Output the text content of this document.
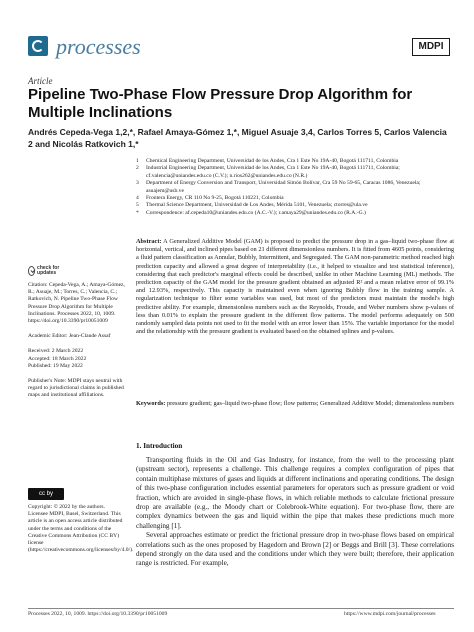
processes	MDPI
Article
Pipeline Two-Phase Flow Pressure Drop Algorithm for Multiple Inclinations
Andrés Cepeda-Vega 1,2,*, Rafael Amaya-Gómez 1,*, Miguel Asuaje 3,4, Carlos Torres 5, Carlos Valencia 2 and Nicolás Ratkovich 1,*
1	Chemical Engineering Department, Universidad de los Andes, Cra 1 Este No 19A-40, Bogotá 111711, Colombia
2	Industrial Engineering Department, Universidad de los Andes, Cra 1 Este No 19A-40, Bogotá 111711, Colombia; cf.valencia@uniandes.edu.co (C.V.); n.rios262@uniandes.edu.co (N.R.)
3	Department of Energy Conversion and Transport, Universidad Simón Bolívar, Cra 59 No 59-65, Caracas 1086, Venezuela; asuajem@usb.ve
4	Frontera Energy, CR 110 No 9-25, Bogotá 110221, Colombia
5	Thermal Science Department, Universidad de Los Andes, Mérida 5101, Venezuela; ctorres@ula.ve
*	Correspondence: af.cepeda10@uniandes.edu.co (A.C.-V.); r.amaya29@uniandes.edu.co (R.A.-G.)
Abstract: A Generalized Additive Model (GAM) is proposed to predict the pressure drop in a gas–liquid two-phase flow at horizontal, vertical, and inclined pipes based on 21 different dimensionless numbers. It is fitted from 4605 points, considering a fluid pattern classification as Annular, Bubbly, Intermittent, and Segregated. The GAM non-parametric method reached high prediction capacity and allowed a great degree of interpretability (i.e., it helped to visualize and test statistical inference), considering that each predictor's marginal effects could be described, unlike in other Machine Learning (ML) methods. The prediction capacity of the GAM model for the pressure gradient obtained an adjusted R² and a mean relative error of 99.1% and 12.93%, respectively. This capacity is maintained even when ignoring Bubbly flow in the training sample. A regularization technique to filter some variables was used, but most of the predictors must maintain the model's high predictive ability. For example, dimensionless numbers such as the Reynolds, Froude, and Weber numbers show p-values of less than 0.01% to explain the pressure gradient in the different flow patterns. The model performs adequately on 500 randomly sampled data points not used to fit the model with an error lower than 15%. The variable importance for the model and the relationship with the pressure gradient is evaluated based on the obtained splines and p-values.
Keywords: pressure gradient; gas–liquid two-phase flow; flow patterns; Generalized Additive Model; dimensionless numbers
check for updates
Citation: Cepeda-Vega, A.; Amaya-Gómez, R.; Asuaje, M.; Torres, C.; Valencia, C.; Ratkovich, N. Pipeline Two-Phase Flow Pressure Drop Algorithm for Multiple Inclinations. Processes 2022, 10, 1009. https://doi.org/10.3390/pr10051009
Academic Editor: Jean-Claude Assaf
Received: 2 March 2022
Accepted: 18 March 2022
Published: 19 May 2022
Publisher's Note: MDPI stays neutral with regard to jurisdictional claims in published maps and institutional affiliations.
cc by
Copyright: © 2022 by the authors. Licensee MDPI, Basel, Switzerland. This article is an open access article distributed under the terms and conditions of the Creative Commons Attribution (CC BY) license (https://creativecommons.org/licenses/by/4.0/).
1. Introduction
Transporting fluids in the Oil and Gas Industry, for instance, from the well to the processing plant (upstream sector), represents a challenge. This challenge requires a complex configuration of pipes that contain multiphase mixtures of gases and liquids at different inclinations and operating conditions. The design of this two-phase configuration includes essential parameters for operators such as pressure gradient or void fraction, which are avoided in single-phase flows, in which reliable methods to calculate frictional pressure drop are available (e.g., the Moody chart or Colebrook-White equation). For two-phase flow, there are complex dynamics between the gas and liquid within the pipe that makes these predictions much more challenging [1].
Several approaches estimate or predict the frictional pressure drop in two-phase flows based on empirical correlations such as the ones proposed by Hagedorn and Brown [2] or Beggs and Brill [3]. These correlations depend strongly on the data used and the conditions under which they were built; therefore, their application range is restricted. For example,
Processes 2022, 10, 1009. https://doi.org/10.3390/pr10051009	https://www.mdpi.com/journal/processes
